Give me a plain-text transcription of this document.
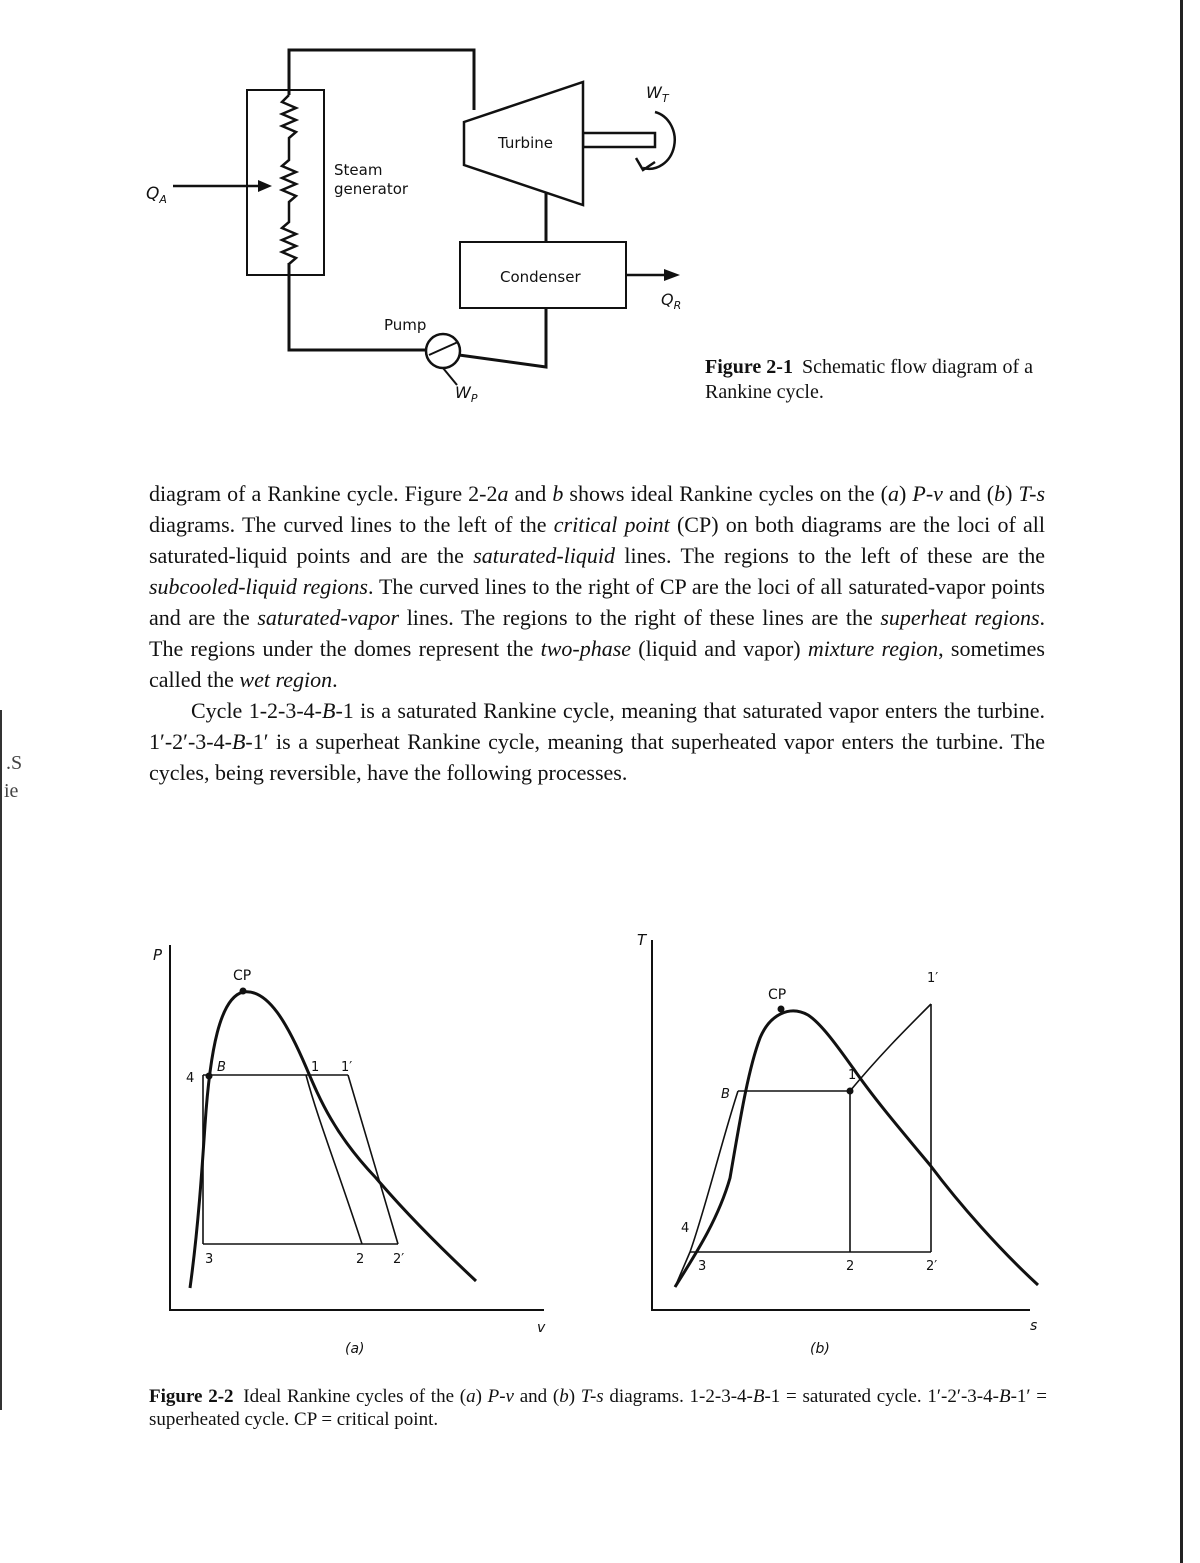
.S
ie
$Q_A$
Steam
generator
Turbine
Condenser
Pump
$W_T$
$Q_R$
$W_P$
Figure 2-1 Schematic flow diagram of a Rankine cycle.

diagram of a Rankine cycle. Figure 2-2a and b shows ideal Rankine cycles on the (a) P-v and (b) T-s diagrams. The curved lines to the left of the critical point (CP) on both diagrams are the loci of all saturated-liquid points and are the saturated-liquid lines. The regions to the left of these are the subcooled-liquid regions. The curved lines to the right of CP are the loci of all saturated-vapor points and are the saturated-vapor lines. The regions to the right of these lines are the superheat regions. The regions under the domes represent the two-phase (liquid and vapor) mixture region, sometimes called the wet region.

Cycle 1-2-3-4-B-1 is a saturated Rankine cycle, meaning that saturated vapor enters the turbine. 1′-2′-3-4-B-1′ is a superheat Rankine cycle, meaning that superheated vapor enters the turbine. The cycles, being reversible, have the following processes.

P
v
CP
4
B	1 1′
3	2 2′
(a)
T
s
CP
1′
B
1
4
3	2	2′
(b)
Figure 2-2 Ideal Rankine cycles of the (a) P-v and (b) T-s diagrams. 1-2-3-4-B-1 = saturated cycle. 1′-2′-3-4-B-1′ = superheated cycle. CP = critical point.
